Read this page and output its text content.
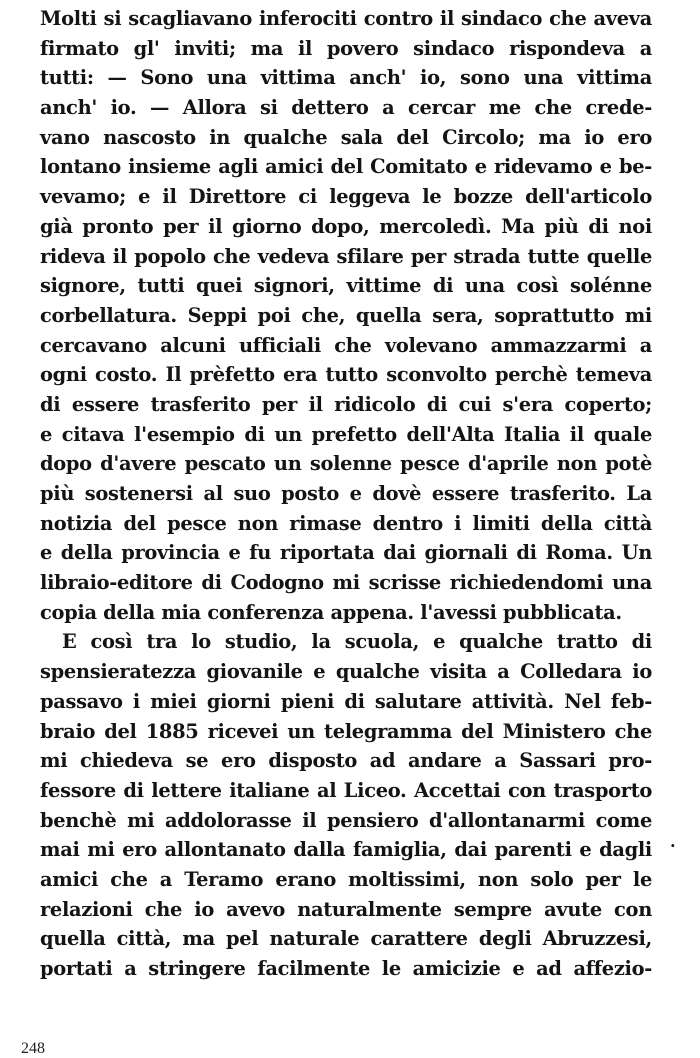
Molti si scagliavano inferociti contro il sindaco che aveva
firmato gl' inviti; ma il povero sindaco rispondeva a
tutti: — Sono una vittima anch' io, sono una vittima
anch' io. — Allora si dettero a cercar me che crede-
vano nascosto in qualche sala del Circolo; ma io ero
lontano insieme agli amici del Comitato e ridevamo e be-
vevamo; e il Direttore ci leggeva le bozze dell'articolo
già pronto per il giorno dopo, mercoledì. Ma più di noi
rideva il popolo che vedeva sfilare per strada tutte quelle
signore, tutti quei signori, vittime di una così solénne
corbellatura. Seppi poi che, quella sera, soprattutto mi
cercavano alcuni ufficiali che volevano ammazzarmi a
ogni costo. Il prèfetto era tutto sconvolto perchè temeva
di essere trasferito per il ridicolo di cui s'era coperto;
e citava l'esempio di un prefetto dell'Alta Italia il quale
dopo d'avere pescato un solenne pesce d'aprile non potè
più sostenersi al suo posto e dovè essere trasferito. La
notizia del pesce non rimase dentro i limiti della città
e della provincia e fu riportata dai giornali di Roma. Un
libraio-editore di Codogno mi scrisse richiedendomi una
copia della mia conferenza appena. l'avessi pubblicata.
E così tra lo studio, la scuola, e qualche tratto di
spensieratezza giovanile e qualche visita a Colledara io
passavo i miei giorni pieni di salutare attività. Nel feb-
braio del 1885 ricevei un telegramma del Ministero che
mi chiedeva se ero disposto ad andare a Sassari pro-
fessore di lettere italiane al Liceo. Accettai con trasporto
benchè mi addolorasse il pensiero d'allontanarmi come
mai mi ero allontanato dalla famiglia, dai parenti e dagli
amici che a Teramo erano moltissimi, non solo per le
relazioni che io avevo naturalmente sempre avute con
quella città, ma pel naturale carattere degli Abruzzesi,
portati a stringere facilmente le amicizie e ad affezio-
.
248
